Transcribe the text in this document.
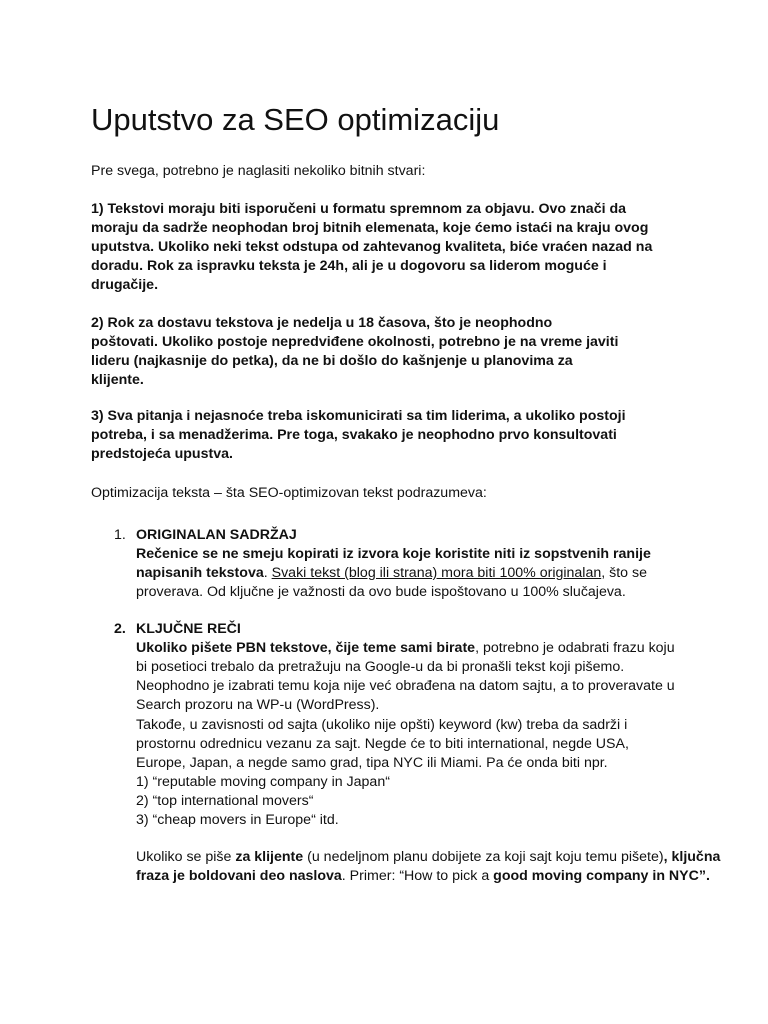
Uputstvo za SEO optimizaciju
Pre svega, potrebno je naglasiti nekoliko bitnih stvari:
1) Tekstovi moraju biti isporučeni u formatu spremnom za objavu. Ovo znači da
moraju da sadrže neophodan broj bitnih elemenata, koje ćemo istaći na kraju ovog
uputstva. Ukoliko neki tekst odstupa od zahtevanog kvaliteta, biće vraćen nazad na
doradu. Rok za ispravku teksta je 24h, ali je u dogovoru sa liderom moguće i
drugačije.
2) Rok za dostavu tekstova je nedelja u 18 časova, što je neophodno
poštovati. Ukoliko postoje nepredviđene okolnosti, potrebno je na vreme javiti
lideru (najkasnije do petka), da ne bi došlo do kašnjenje u planovima za
klijente.
3) Sva pitanja i nejasnoće treba iskomunicirati sa tim liderima, a ukoliko postoji
potreba, i sa menadžerima. Pre toga, svakako je neophodno prvo konsultovati
predstojeća upustva.
Optimizacija teksta – šta SEO-optimizovan tekst podrazumeva:
1. ORIGINALAN SADRŽAJ
Rečenice se ne smeju kopirati iz izvora koje koristite niti iz sopstvenih ranije
napisanih tekstova. Svaki tekst (blog ili strana) mora biti 100% originalan, što se
proverava. Od ključne je važnosti da ovo bude ispoštovano u 100% slučajeva.
2. KLJUČNE REČI
Ukoliko pišete PBN tekstove, čije teme sami birate, potrebno je odabrati frazu koju
bi posetioci trebalo da pretražuju na Google-u da bi pronašli tekst koji pišemo.
Neophodno je izabrati temu koja nije već obrađena na datom sajtu, a to proveravate u
Search prozoru na WP-u (WordPress).
Takođe, u zavisnosti od sajta (ukoliko nije opšti) keyword (kw) treba da sadrži i
prostornu odrednicu vezanu za sajt. Negde će to biti international, negde USA,
Europe, Japan, a negde samo grad, tipa NYC ili Miami. Pa će onda biti npr.
1) “reputable moving company in Japan“
2) “top international movers“
3) “cheap movers in Europe“ itd.
Ukoliko se piše za klijente (u nedeljnom planu dobijete za koji sajt koju temu pišete), ključna
fraza je boldovani deo naslova. Primer: “How to pick a good moving company in NYC”.
